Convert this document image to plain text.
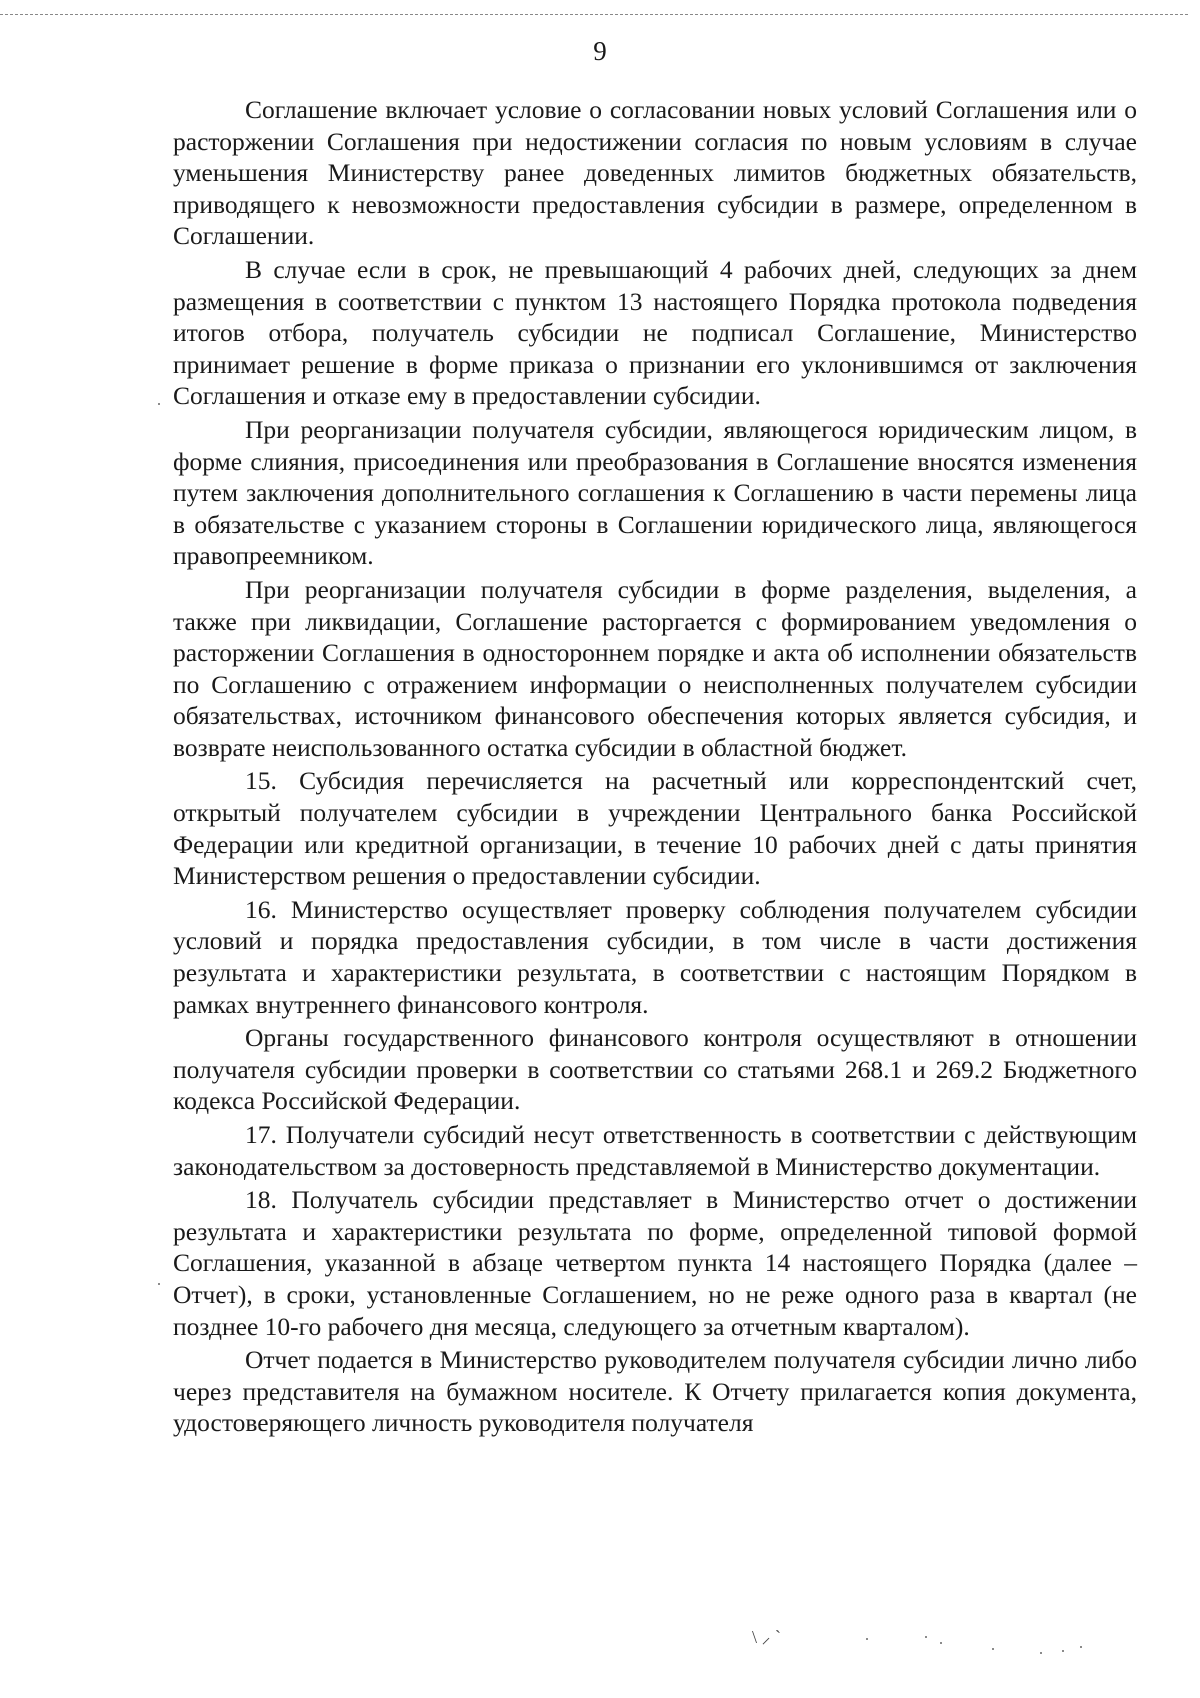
9

Соглашение включает условие о согласовании новых условий Соглашения или о расторжении Соглашения при недостижении согласия по новым условиям в случае уменьшения Министерству ранее доведенных лимитов бюджетных обязательств, приводящего к невозможности предоставления субсидии в размере, определенном в Соглашении.

В случае если в срок, не превышающий 4 рабочих дней, следующих за днем размещения в соответствии с пунктом 13 настоящего Порядка протокола подведения итогов отбора, получатель субсидии не подписал Соглашение, Министерство принимает решение в форме приказа о признании его уклонившимся от заключения Соглашения и отказе ему в предоставлении субсидии.

При реорганизации получателя субсидии, являющегося юридическим лицом, в форме слияния, присоединения или преобразования в Соглашение вносятся изменения путем заключения дополнительного соглашения к Соглашению в части перемены лица в обязательстве с указанием стороны в Соглашении юридического лица, являющегося правопреемником.

При реорганизации получателя субсидии в форме разделения, выделения, а также при ликвидации, Соглашение расторгается с формированием уведомления о расторжении Соглашения в одностороннем порядке и акта об исполнении обязательств по Соглашению с отражением информации о неисполненных получателем субсидии обязательствах, источником финансового обеспечения которых является субсидия, и возврате неиспользованного остатка субсидии в областной бюджет.

15. Субсидия перечисляется на расчетный или корреспондентский счет, открытый получателем субсидии в учреждении Центрального банка Российской Федерации или кредитной организации, в течение 10 рабочих дней с даты принятия Министерством решения о предоставлении субсидии.

16. Министерство осуществляет проверку соблюдения получателем субсидии условий и порядка предоставления субсидии, в том числе в части достижения результата и характеристики результата, в соответствии с настоящим Порядком в рамках внутреннего финансового контроля.

Органы государственного финансового контроля осуществляют в отношении получателя субсидии проверки в соответствии со статьями 268.1 и 269.2 Бюджетного кодекса Российской Федерации.

17. Получатели субсидий несут ответственность в соответствии с действующим законодательством за достоверность представляемой в Министерство документации.

18. Получатель субсидии представляет в Министерство отчет о достижении результата и характеристики результата по форме, определенной типовой формой Соглашения, указанной в абзаце четвертом пункта 14 настоящего Порядка (далее – Отчет), в сроки, установленные Соглашением, но не реже одного раза в квартал (не позднее 10-го рабочего дня месяца, следующего за отчетным кварталом).

Отчет подается в Министерство руководителем получателя субсидии лично либо через представителя на бумажном носителе. К Отчету прилагается копия документа, удостоверяющего личность руководителя получателя

\ ⸝ `
